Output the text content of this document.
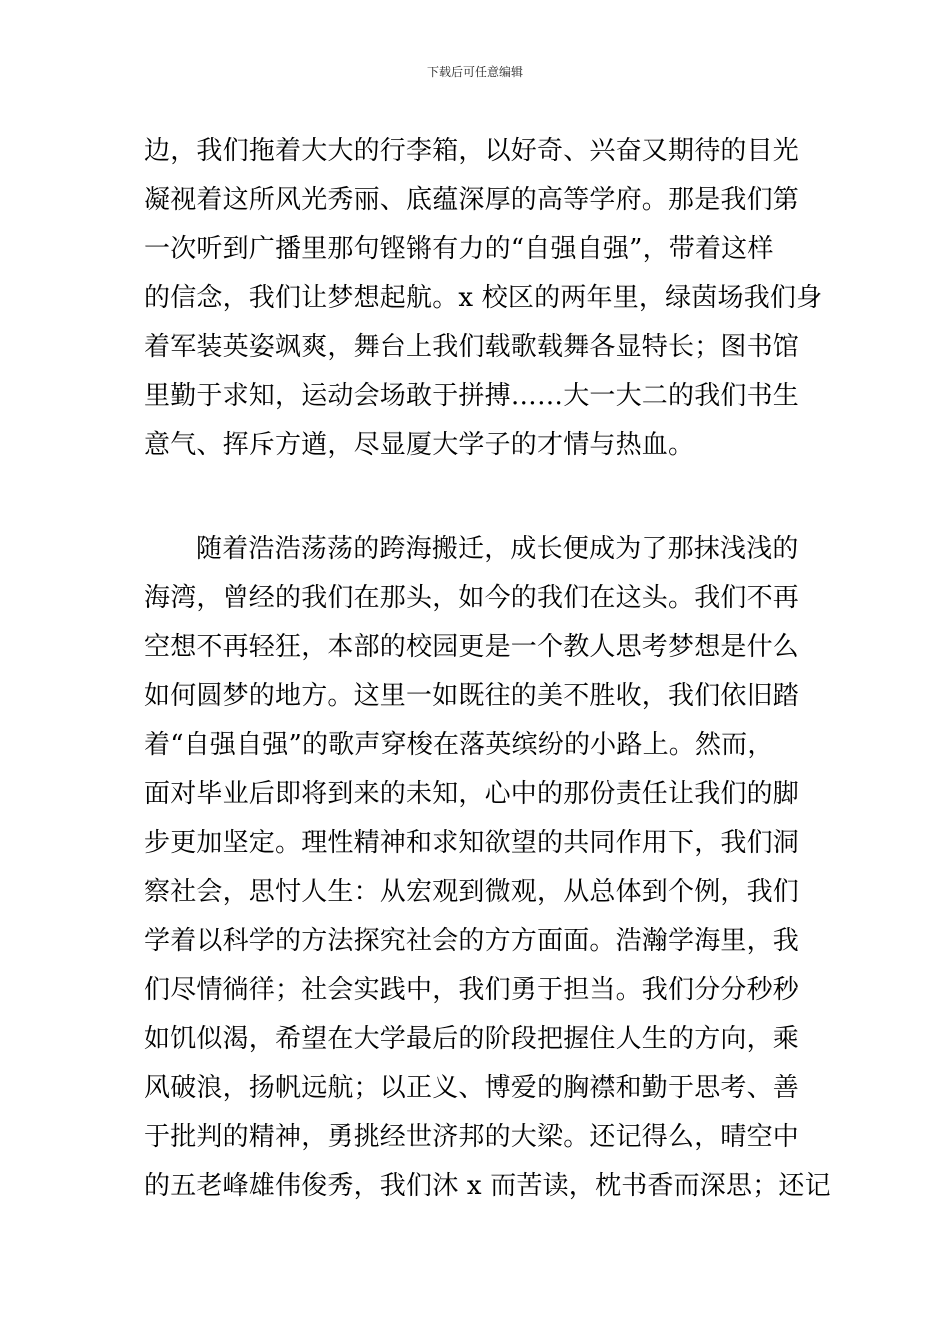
下载后可任意编辑
边，我们拖着大大的行李箱，以好奇、兴奋又期待的目光
凝视着这所风光秀丽、底蕴深厚的高等学府。那是我们第
一次听到广播里那句铿锵有力的“自强自强”，带着这样
的信念，我们让梦想起航。x 校区的两年里，绿茵场我们身
着军装英姿飒爽，舞台上我们载歌载舞各显特长；图书馆
里勤于求知，运动会场敢于拼搏……大一大二的我们书生
意气、挥斥方遒，尽显厦大学子的才情与热血。
随着浩浩荡荡的跨海搬迁，成长便成为了那抹浅浅的
海湾，曾经的我们在那头，如今的我们在这头。我们不再
空想不再轻狂，本部的校园更是一个教人思考梦想是什么
如何圆梦的地方。这里一如既往的美不胜收，我们依旧踏
着“自强自强”的歌声穿梭在落英缤纷的小路上。然而，
面对毕业后即将到来的未知，心中的那份责任让我们的脚
步更加坚定。理性精神和求知欲望的共同作用下，我们洞
察社会，思忖人生：从宏观到微观，从总体到个例，我们
学着以科学的方法探究社会的方方面面。浩瀚学海里，我
们尽情徜徉；社会实践中，我们勇于担当。我们分分秒秒
如饥似渴，希望在大学最后的阶段把握住人生的方向，乘
风破浪，扬帆远航；以正义、博爱的胸襟和勤于思考、善
于批判的精神，勇挑经世济邦的大梁。还记得么，晴空中
的五老峰雄伟俊秀，我们沐 x 而苦读，枕书香而深思；还记
